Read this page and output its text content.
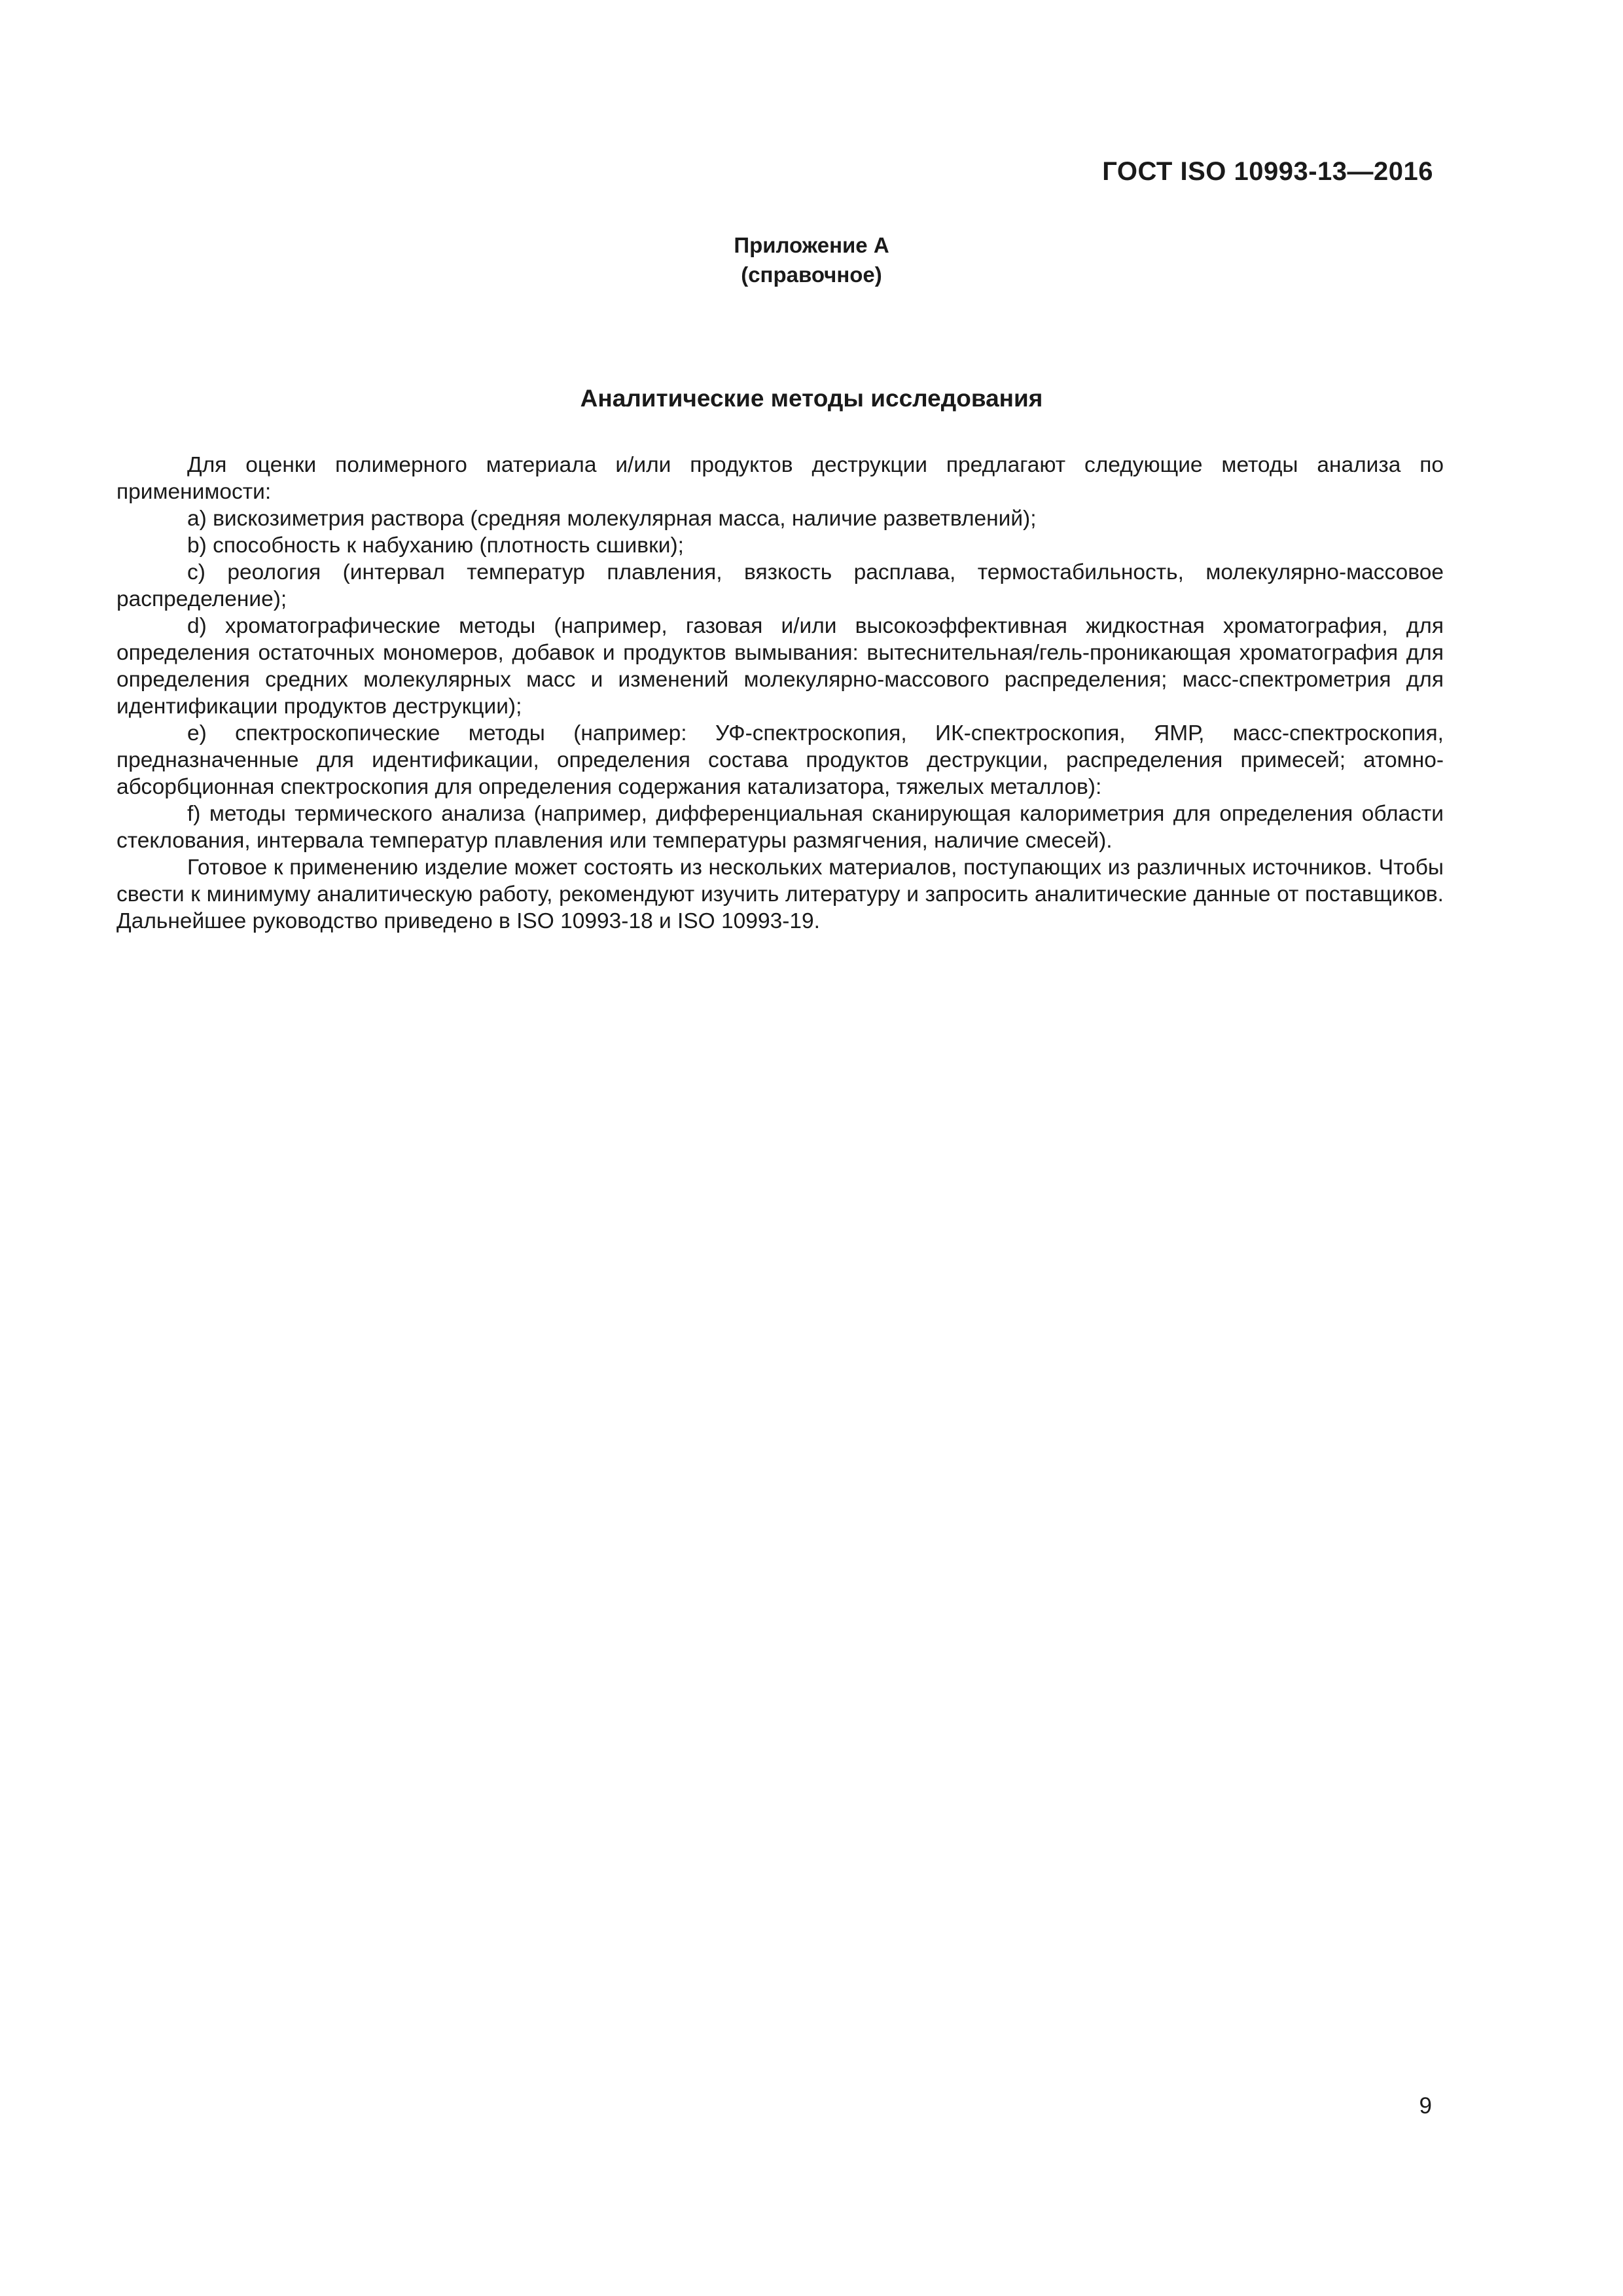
ГОСТ ISO 10993-13—2016
Приложение А
(справочное)
Аналитические методы исследования

Для оценки полимерного материала и/или продуктов деструкции предлагают следующие методы анализа по применимости:

a) вискозиметрия раствора (средняя молекулярная масса, наличие разветвлений);

b) способность к набуханию (плотность сшивки);

c) реология (интервал температур плавления, вязкость расплава, термостабильность, молекулярно-массовое распределение);

d) хроматографические методы (например, газовая и/или высокоэффективная жидкостная хроматография, для определения остаточных мономеров, добавок и продуктов вымывания: вытеснительная/гель-проникающая хроматография для определения средних молекулярных масс и изменений молекулярно-массового распределения; масс-спектрометрия для идентификации продуктов деструкции);

e) спектроскопические методы (например: УФ-спектроскопия, ИК-спектроскопия, ЯМР, масс-спектроскопия, предназначенные для идентификации, определения состава продуктов деструкции, распределения примесей; атомно-абсорбционная спектроскопия для определения содержания катализатора, тяжелых металлов):

f) методы термического анализа (например, дифференциальная сканирующая калориметрия для определения области стеклования, интервала температур плавления или температуры размягчения, наличие смесей).

Готовое к применению изделие может состоять из нескольких материалов, поступающих из различных источников. Чтобы свести к минимуму аналитическую работу, рекомендуют изучить литературу и запросить аналитические данные от поставщиков. Дальнейшее руководство приведено в ISO 10993-18 и ISO 10993-19.

9
